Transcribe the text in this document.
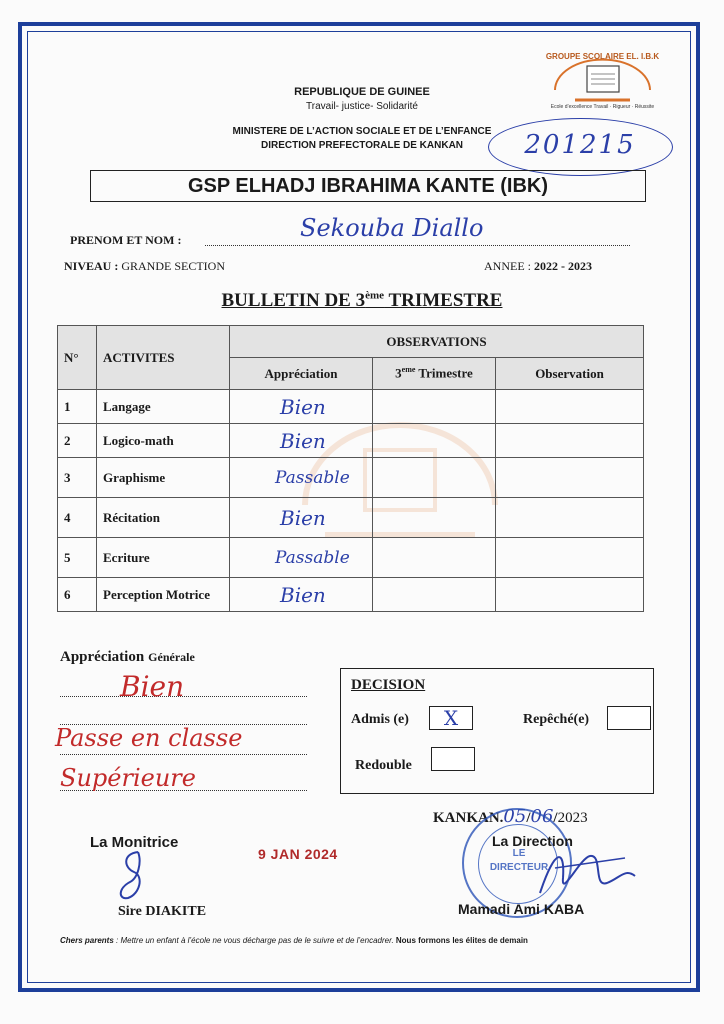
REPUBLIQUE DE GUINEE
Travail- justice- Solidarité
MINISTERE DE L’ACTION SOCIALE ET DE L’ENFANCE
DIRECTION PREFECTORALE DE KANKAN
GROUPE SCOLAIRE EL. I.B.K
Ecole d’excellence Travail · Rigueur · Réussite
201215
GSP ELHADJ IBRAHIMA KANTE (IBK)
PRENOM ET NOM :	Sekouba Diallo
NIVEAU : GRANDE SECTION	ANNEE : 2022 - 2023
BULLETIN DE 3ème TRIMESTRE
N°	ACTIVITES	OBSERVATIONS		
		Appréciation	3eme Trimestre	Observation
1	Langage	Bien		
2	Logico-math	Bien		
3	Graphisme	Passable		
4	Récitation	Bien		
5	Ecriture	Passable		
6	Perception Motrice	Bien		
Appréciation Générale
Bien
Passe en classe
Supérieure
DECISION
Admis (e)	X	Repêché(e)
Redouble
KANKAN.05/06/2023
La Monitrice
Sire DIAKITE
9 JAN 2024	LE
DIRECTEUR
La Direction
Mamadi Ami KABA
Chers parents : Mettre un enfant à l’école ne vous décharge pas de le suivre et de l’encadrer. Nous formons les élites de demain
